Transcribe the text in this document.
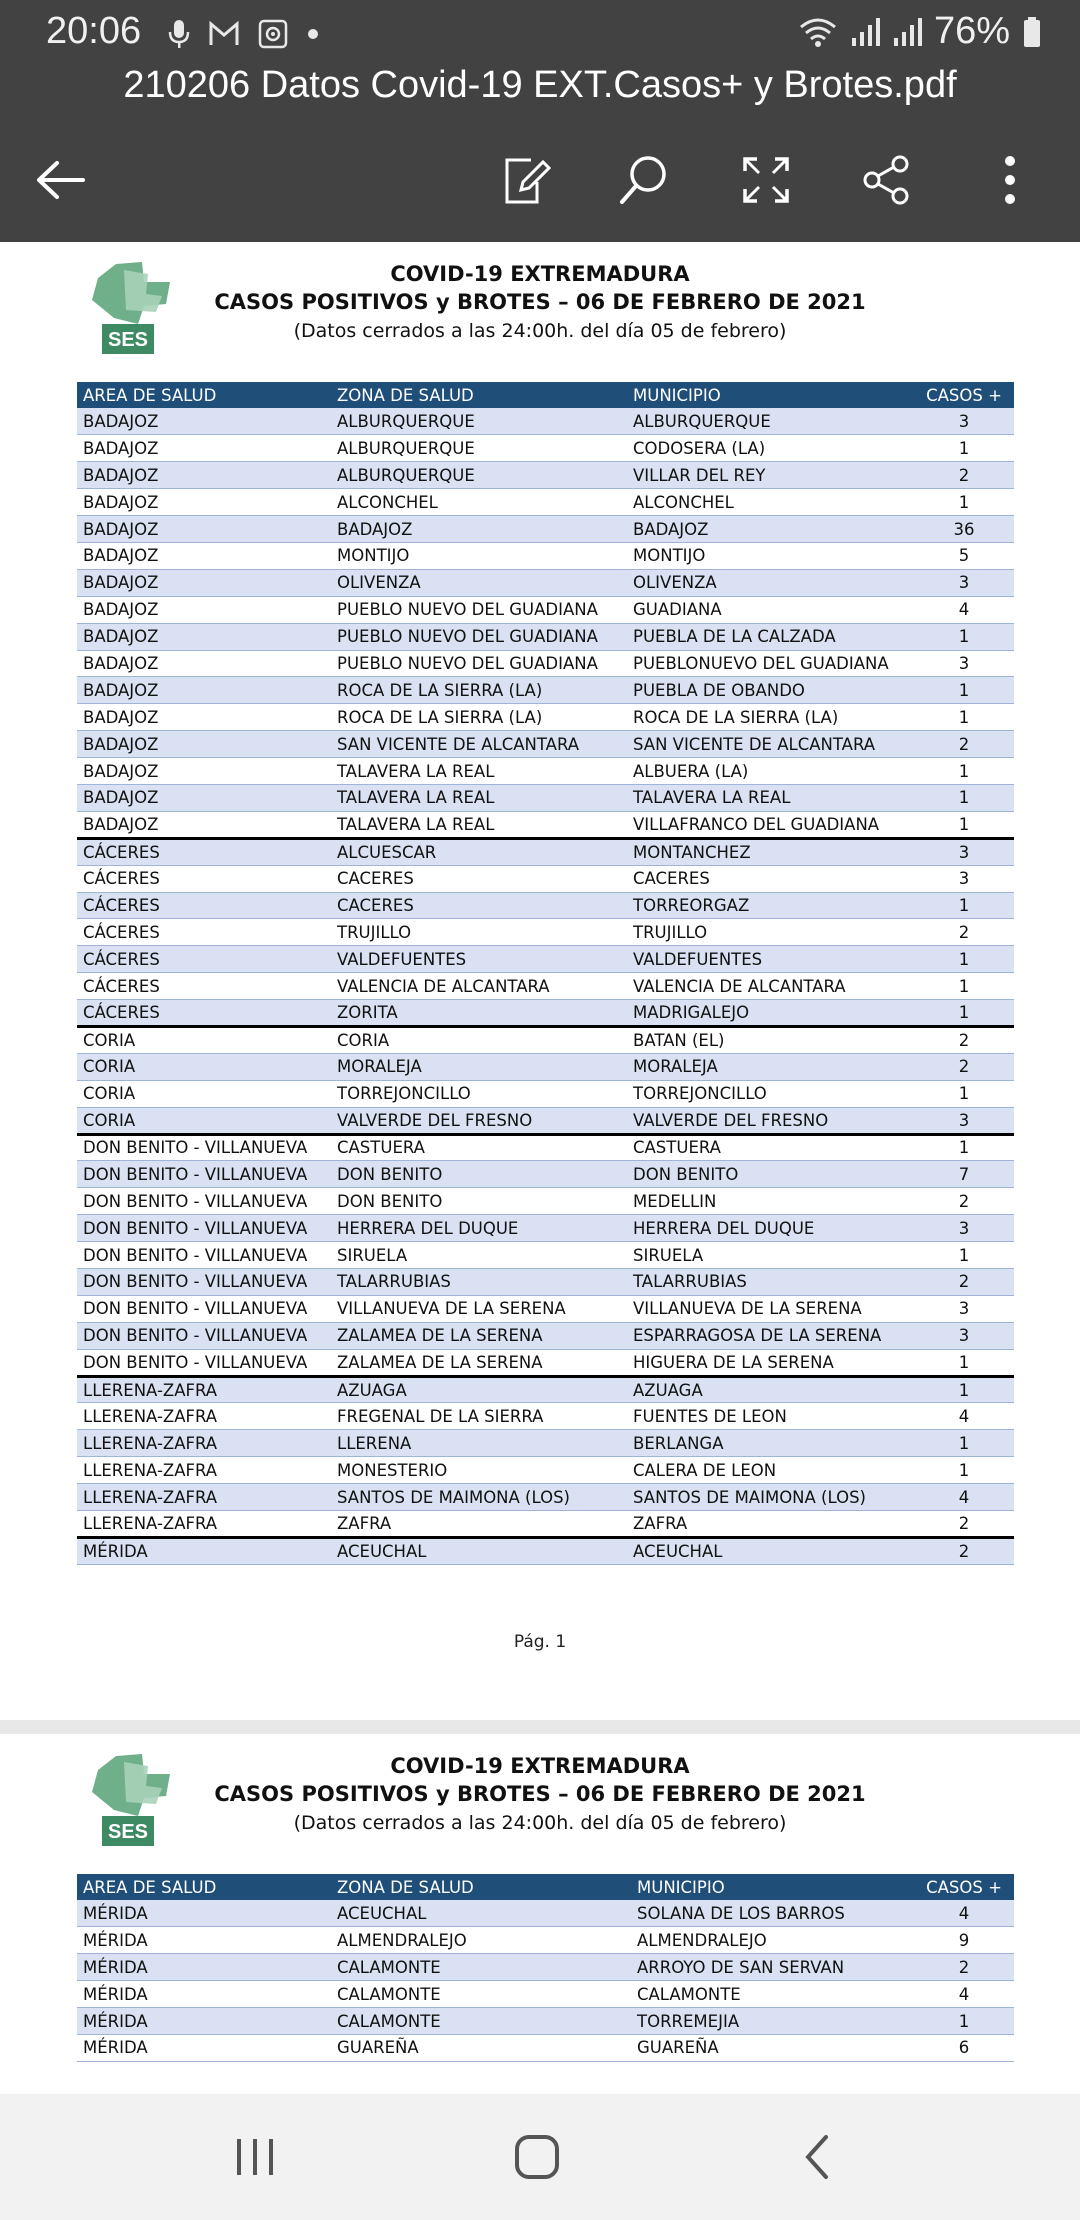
20:06	76%
210206 Datos Covid-19 EXT.Casos+ y Brotes.pdf
SES
COVID-19 EXTREMADURA
CASOS POSITIVOS y BROTES – 06 DE FEBRERO DE 2021
(Datos cerrados a las 24:00h. del día 05 de febrero)
AREA DE SALUD	ZONA DE SALUD	MUNICIPIO	CASOS +
BADAJOZ	ALBURQUERQUE	ALBURQUERQUE	3
BADAJOZ	ALBURQUERQUE	CODOSERA (LA)	1
BADAJOZ	ALBURQUERQUE	VILLAR DEL REY	2
BADAJOZ	ALCONCHEL	ALCONCHEL	1
BADAJOZ	BADAJOZ	BADAJOZ	36
BADAJOZ	MONTIJO	MONTIJO	5
BADAJOZ	OLIVENZA	OLIVENZA	3
BADAJOZ	PUEBLO NUEVO DEL GUADIANA	GUADIANA	4
BADAJOZ	PUEBLO NUEVO DEL GUADIANA	PUEBLA DE LA CALZADA	1
BADAJOZ	PUEBLO NUEVO DEL GUADIANA	PUEBLONUEVO DEL GUADIANA	3
BADAJOZ	ROCA DE LA SIERRA (LA)	PUEBLA DE OBANDO	1
BADAJOZ	ROCA DE LA SIERRA (LA)	ROCA DE LA SIERRA (LA)	1
BADAJOZ	SAN VICENTE DE ALCANTARA	SAN VICENTE DE ALCANTARA	2
BADAJOZ	TALAVERA LA REAL	ALBUERA (LA)	1
BADAJOZ	TALAVERA LA REAL	TALAVERA LA REAL	1
BADAJOZ	TALAVERA LA REAL	VILLAFRANCO DEL GUADIANA	1
CÁCERES	ALCUESCAR	MONTANCHEZ	3
CÁCERES	CACERES	CACERES	3
CÁCERES	CACERES	TORREORGAZ	1
CÁCERES	TRUJILLO	TRUJILLO	2
CÁCERES	VALDEFUENTES	VALDEFUENTES	1
CÁCERES	VALENCIA DE ALCANTARA	VALENCIA DE ALCANTARA	1
CÁCERES	ZORITA	MADRIGALEJO	1
CORIA	CORIA	BATAN (EL)	2
CORIA	MORALEJA	MORALEJA	2
CORIA	TORREJONCILLO	TORREJONCILLO	1
CORIA	VALVERDE DEL FRESNO	VALVERDE DEL FRESNO	3
DON BENITO - VILLANUEVA	CASTUERA	CASTUERA	1
DON BENITO - VILLANUEVA	DON BENITO	DON BENITO	7
DON BENITO - VILLANUEVA	DON BENITO	MEDELLIN	2
DON BENITO - VILLANUEVA	HERRERA DEL DUQUE	HERRERA DEL DUQUE	3
DON BENITO - VILLANUEVA	SIRUELA	SIRUELA	1
DON BENITO - VILLANUEVA	TALARRUBIAS	TALARRUBIAS	2
DON BENITO - VILLANUEVA	VILLANUEVA DE LA SERENA	VILLANUEVA DE LA SERENA	3
DON BENITO - VILLANUEVA	ZALAMEA DE LA SERENA	ESPARRAGOSA DE LA SERENA	3
DON BENITO - VILLANUEVA	ZALAMEA DE LA SERENA	HIGUERA DE LA SERENA	1
LLERENA-ZAFRA	AZUAGA	AZUAGA	1
LLERENA-ZAFRA	FREGENAL DE LA SIERRA	FUENTES DE LEON	4
LLERENA-ZAFRA	LLERENA	BERLANGA	1
LLERENA-ZAFRA	MONESTERIO	CALERA DE LEON	1
LLERENA-ZAFRA	SANTOS DE MAIMONA (LOS)	SANTOS DE MAIMONA (LOS)	4
LLERENA-ZAFRA	ZAFRA	ZAFRA	2
MÉRIDA	ACEUCHAL	ACEUCHAL	2
Pág. 1
SES
COVID-19 EXTREMADURA
CASOS POSITIVOS y BROTES – 06 DE FEBRERO DE 2021
(Datos cerrados a las 24:00h. del día 05 de febrero)
AREA DE SALUD	ZONA DE SALUD	MUNICIPIO	CASOS +
MÉRIDA	ACEUCHAL	SOLANA DE LOS BARROS	4
MÉRIDA	ALMENDRALEJO	ALMENDRALEJO	9
MÉRIDA	CALAMONTE	ARROYO DE SAN SERVAN	2
MÉRIDA	CALAMONTE	CALAMONTE	4
MÉRIDA	CALAMONTE	TORREMEJIA	1
MÉRIDA	GUAREÑA	GUAREÑA	6
